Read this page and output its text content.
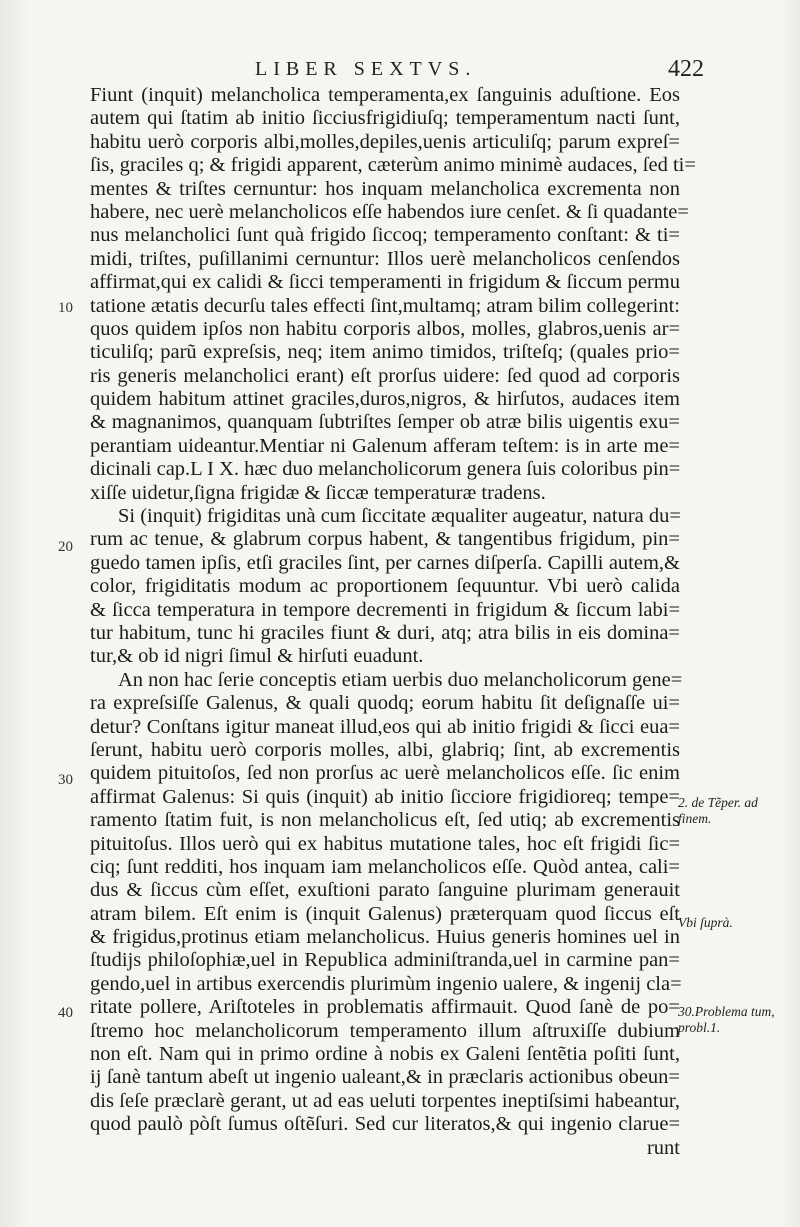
LIBER SEXTVS.	422
Fiunt (inquit) melancholica temperamenta,ex ſanguinis aduſtione. Eos
autem qui ſtatim ab initio ſicciusfrigidiuſq; temperamentum nacti ſunt,
habitu uerò corporis albi,molles,depiles,uenis articuliſq; parum expreſ=
ſis, graciles q; & frigidi apparent, cæterùm animo minimè audaces, ſed ti=
mentes & triſtes cernuntur: hos inquam melancholica excrementa non
habere, nec uerè melancholicos eſſe habendos iure cenſet. & ſi quadante=
nus melancholici ſunt quà frigido ſiccoq; temperamento conſtant: & ti=
midi, triſtes, puſillanimi cernuntur: Illos uerè melancholicos cenſendos
affirmat,qui ex calidi & ſicci temperamenti in frigidum & ſiccum permu
tatione ætatis decurſu tales effecti ſint,multamq; atram bilim collegerint:
quos quidem ipſos non habitu corporis albos, molles, glabros,uenis ar=
ticuliſq; parũ expreſsis, neq; item animo timidos, triſteſq; (quales prio=
ris generis melancholici erant) eſt prorſus uidere: ſed quod ad corporis
quidem habitum attinet graciles,duros,nigros, & hirſutos, audaces item
& magnanimos, quanquam ſubtriſtes ſemper ob atræ bilis uigentis exu=
perantiam uideantur.Mentiar ni Galenum afferam teſtem: is in arte me=
dicinali cap.L I X. hæc duo melancholicorum genera ſuis coloribus pin=
xiſſe uidetur,ſigna frigidæ & ſiccæ temperaturæ tradens.
Si (inquit) frigiditas unà cum ſiccitate æqualiter augeatur, natura du=
rum ac tenue, & glabrum corpus habent, & tangentibus frigidum, pin=
guedo tamen ipſis, etſi graciles ſint, per carnes diſperſa. Capilli autem,&
color, frigiditatis modum ac proportionem ſequuntur. Vbi uerò calida
& ſicca temperatura in tempore decrementi in frigidum & ſiccum labi=
tur habitum, tunc hi graciles fiunt & duri, atq; atra bilis in eis domina=
tur,& ob id nigri ſimul & hirſuti euadunt.
An non hac ſerie conceptis etiam uerbis duo melancholicorum gene=
ra expreſsiſſe Galenus, & quali quodq; eorum habitu ſit deſignaſſe ui=
detur? Conſtans igitur maneat illud,eos qui ab initio frigidi & ſicci eua=
ſerunt, habitu uerò corporis molles, albi, glabriq; ſint, ab excrementis
quidem pituitoſos, ſed non prorſus ac uerè melancholicos eſſe. ſic enim
affirmat Galenus: Si quis (inquit) ab initio ſicciore frigidioreq; tempe=
ramento ſtatim fuit, is non melancholicus eſt, ſed utiq; ab excrementis
pituitoſus. Illos uerò qui ex habitus mutatione tales, hoc eſt frigidi ſic=
ciq; ſunt redditi, hos inquam iam melancholicos eſſe. Quòd antea, cali=
dus & ſiccus cùm eſſet, exuſtioni parato ſanguine plurimam generauit
atram bilem. Eſt enim is (inquit Galenus) præterquam quod ſiccus eſt
& frigidus,protinus etiam melancholicus. Huius generis homines uel in
ſtudijs philoſophiæ,uel in Republica adminiſtranda,uel in carmine pan=
gendo,uel in artibus exercendis plurimùm ingenio ualere, & ingenij cla=
ritate pollere, Ariſtoteles in problematis affirmauit. Quod ſanè de po=
ſtremo hoc melancholicorum temperamento illum aſtruxiſſe dubium
non eſt. Nam qui in primo ordine à nobis ex Galeni ſentẽtia poſiti ſunt,
ij ſanè tantum abeſt ut ingenio ualeant,& in præclaris actionibus obeun=
dis ſeſe præclarè gerant, ut ad eas ueluti torpentes ineptiſsimi habeantur,
quod paulò pòſt ſumus oſtẽſuri. Sed cur literatos,& qui ingenio clarue=
runt
10
20
30
40
2. de Tẽper. ad finem.
Vbi ſuprà.
30.Problema tum, probl.1.
